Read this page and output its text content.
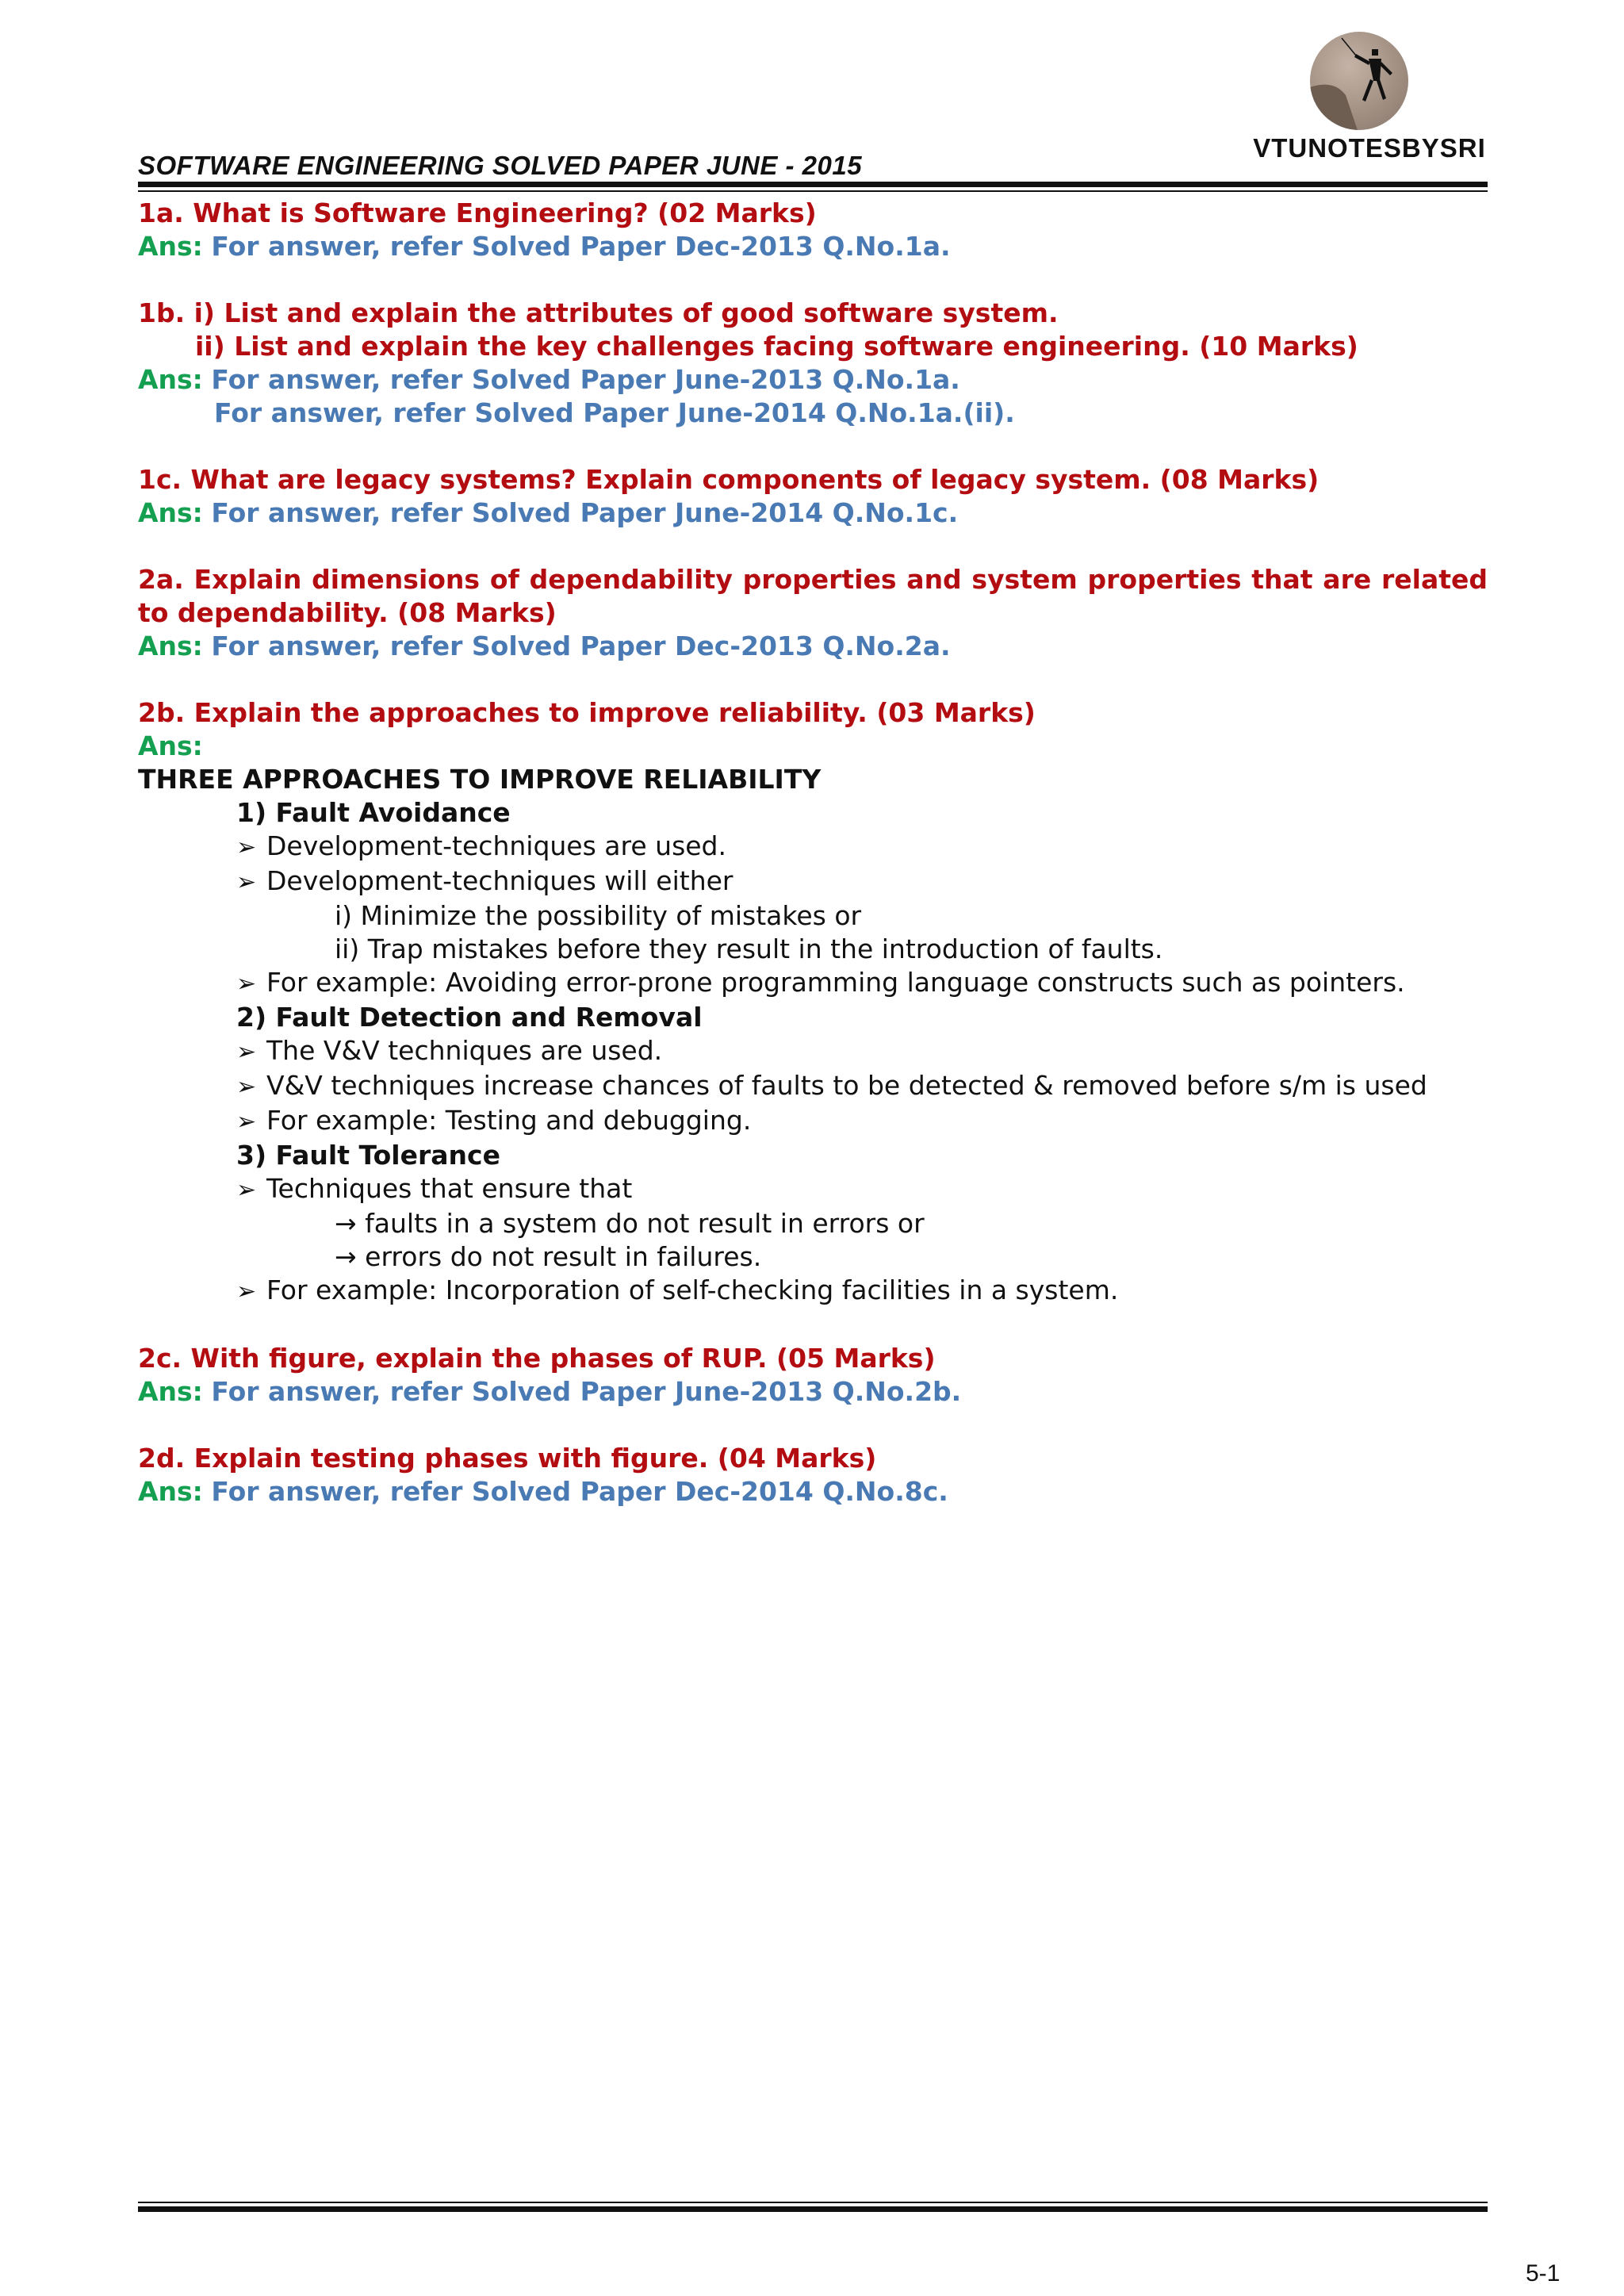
VTUNOTESBYSRI
SOFTWARE ENGINEERING SOLVED PAPER JUNE - 2015
1a. What is Software Engineering? (02 Marks)
Ans: For answer, refer Solved Paper Dec-2013 Q.No.1a.
1b. i) List and explain the attributes of good software system.
ii) List and explain the key challenges facing software engineering. (10 Marks)
Ans: For answer, refer Solved Paper June-2013 Q.No.1a.
For answer, refer Solved Paper June-2014 Q.No.1a.(ii).
1c. What are legacy systems? Explain components of legacy system. (08 Marks)
Ans: For answer, refer Solved Paper June-2014 Q.No.1c.
2a. Explain dimensions of dependability properties and system properties that are related to dependability. (08 Marks)
Ans: For answer, refer Solved Paper Dec-2013 Q.No.2a.
2b. Explain the approaches to improve reliability. (03 Marks)
Ans:
THREE APPROACHES TO IMPROVE RELIABILITY
1) Fault Avoidance
➢ Development-techniques are used.
➢ Development-techniques will either
i) Minimize the possibility of mistakes or
ii) Trap mistakes before they result in the introduction of faults.
➢ For example: Avoiding error-prone programming language constructs such as pointers.
2) Fault Detection and Removal
➢ The V&V techniques are used.
➢ V&V techniques increase chances of faults to be detected & removed before s/m is used
➢ For example: Testing and debugging.
3) Fault Tolerance
➢ Techniques that ensure that
→ faults in a system do not result in errors or
→ errors do not result in failures.
➢ For example: Incorporation of self-checking facilities in a system.
2c. With figure, explain the phases of RUP. (05 Marks)
Ans: For answer, refer Solved Paper June-2013 Q.No.2b.
2d. Explain testing phases with figure. (04 Marks)
Ans: For answer, refer Solved Paper Dec-2014 Q.No.8c.
5-1
